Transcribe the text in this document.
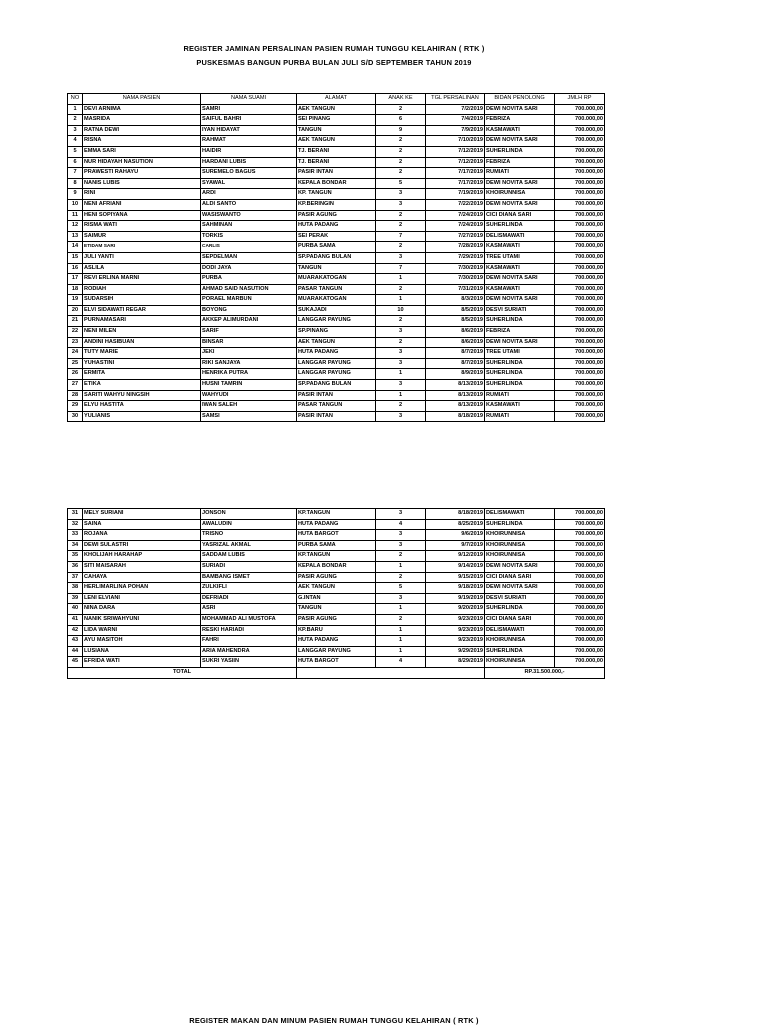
REGISTER JAMINAN PERSALINAN PASIEN RUMAH TUNGGU KELAHIRAN ( RTK )
PUSKESMAS BANGUN PURBA BULAN JULI S/D SEPTEMBER TAHUN 2019
NO	NAMA PASIEN	NAMA SUAMI	ALAMAT	ANAK KE	TGL PERSALINAN	BIDAN PENOLONG	JMLH RP
1	DEVI ARNIMA	SAMRI	AEK TANGUN	2	7/2/2019	DEWI NOVITA SARI	700.000,00
2	MASRIDA	SAIFUL BAHRI	SEI PINANG	6	7/4/2019	FEBRIZA	700.000,00
3	RATNA DEWI	IYAN HIDAYAT	TANGUN	9	7/9/2019	KASMAWATI	700.000,00
4	RISNA	RAHMAT	AEK TANGUN	2	7/10/2019	DEWI NOVITA SARI	700.000,00
5	EMMA SARI	HAIDIR	TJ. BERANI	2	7/12/2019	SUHERLINDA	700.000,00
6	NUR HIDAYAH NASUTION	HARDANI LUBIS	TJ. BERANI	2	7/12/2019	FEBRIZA	700.000,00
7	PRAWESTI RAHAYU	SUREMELO BAGUS	PASIR INTAN	2	7/17/2019	RUMIATI	700.000,00
8	NANIS LUBIS	SYAWAL	KEPALA BONDAR	5	7/17/2019	DEWI NOVITA SARI	700.000,00
9	RINI	ARDI	KP. TANGUN	3	7/19/2019	KHOIRUNNISA	700.000,00
10	NENI AFRIANI	ALDI SANTO	KP.BERINGIN	3	7/22/2019	DEWI NOVITA SARI	700.000,00
11	HENI SOPIYANA	WASISWANTO	PASIR AGUNG	2	7/24/2019	CICI DIANA SARI	700.000,00
12	RISMA WATI	SAHMINAN	HUTA PADANG	2	7/24/2019	SUHERLINDA	700.000,00
13	SAIMUR	TORKIS	SEI PERAK	7	7/27/2019	DELISMAWATI	700.000,00
14	ETIDAM SARI	CARLIS	PURBA SAMA	2	7/28/2019	KASMAWATI	700.000,00
15	JULI YANTI	SEPDELMAN	SP.PADANG BULAN	3	7/29/2019	TREE UTAMI	700.000,00
16	ASLILA	DODI JAYA	TANGUN	7	7/30/2019	KASMAWATI	700.000,00
17	REVI ERLINA MARNI	PURBA	MUARAKATOGAN	1	7/30/2019	DEWI NOVITA SARI	700.000,00
18	RODIAH	AHMAD SAID NASUTION	PASAR TANGUN	2	7/31/2019	KASMAWATI	700.000,00
19	SUDARSIH	PORAEL MARBUN	MUARAKATOGAN	1	8/3/2019	DEWI NOVITA SARI	700.000,00
20	ELVI SIDAWATI REGAR	BOYONG	SUKAJADI	10	8/5/2019	DESVI SURIATI	700.000,00
21	PURNAMASARI	AKKEP ALIMURDANI	LANGGAR PAYUNG	2	8/5/2019	SUHERLINDA	700.000,00
22	NENI MILEN	SARIF	SP.PINANG	3	8/6/2019	FEBRIZA	700.000,00
23	ANDINI HASIBUAN	BINSAR	AEK TANGUN	2	8/6/2019	DEWI NOVITA SARI	700.000,00
24	TUTY MARIE	JEKI	HUTA PADANG	3	8/7/2019	TREE UTAMI	700.000,00
25	YUHASTINI	RIKI SANJAYA	LANGGAR PAYUNG	3	8/7/2019	SUHERLINDA	700.000,00
26	ERMITA	HENRIKA PUTRA	LANGGAR PAYUNG	1	8/9/2019	SUHERLINDA	700.000,00
27	ETIKA	HUSNI TAMRIN	SP.PADANG BULAN	3	8/13/2019	SUHERLINDA	700.000,00
28	SARITI WAHYU NINGSIH	WAHYUDI	PASIR INTAN	1	8/13/2019	RUMIATI	700.000,00
29	ELYU HASTITA	IWAN SALEH	PASAR TANGUN	2	8/13/2019	KASMAWATI	700.000,00
30	YULIANIS	SAMSI	PASIR INTAN	3	8/18/2019	RUMIATI	700.000,00
31	MELY SURIANI	JONSON	KP.TANGUN	3	8/18/2019	DELISMAWATI	700.000,00
32	SAINA	AWALUDIN	HUTA PADANG	4	8/25/2019	SUHERLINDA	700.000,00
33	ROJANA	TRISNO	HUTA BARGOT	3	9/6/2019	KHOIRUNNISA	700.000,00
34	DEWI SULASTRI	YASRIZAL AKMAL	PURBA SAMA	3	9/7/2019	KHOIRUNNISA	700.000,00
35	KHOLIJAH HARAHAP	SADDAM LUBIS	KP.TANGUN	2	9/12/2019	KHOIRUNNISA	700.000,00
36	SITI MAISARAH	SURIADI	KEPALA BONDAR	1	9/14/2019	DEWI NOVITA SARI	700.000,00
37	CAHAYA	BAMBANG ISMET	PASIR AGUNG	2	9/15/2019	CICI DIANA SARI	700.000,00
38	HERLIMARLINA POHAN	ZULKIFLI	AEK TANGUN	5	9/18/2019	DEWI NOVITA SARI	700.000,00
39	LENI ELVIANI	DEFRIADI	G.INTAN	3	9/19/2019	DESVI SURIATI	700.000,00
40	NINA DARA	ASRI	TANGUN	1	9/20/2019	SUHERLINDA	700.000,00
41	NANIK SRIWAHYUNI	MOHAMMAD ALI MUSTOFA	PASIR AGUNG	2	9/23/2019	CICI DIANA SARI	700.000,00
42	LIDA WARNI	RESKI HARIADI	KP.BARU	1	9/23/2019	DELISMAWATI	700.000,00
43	AYU MASITOH	FAHRI	HUTA PADANG	1	9/23/2019	KHOIRUNNISA	700.000,00
44	LUSIANA	ARIA MAHENDRA	LANGGAR PAYUNG	1	9/29/2019	SUHERLINDA	700.000,00
45	EFRIDA WATI	SUKRI YASIIN	HUTA BARGOT	4	8/29/2019	KHOIRUNNISA	700.000,00
TOTAL						RP.31.500.000,-	
REGISTER MAKAN DAN MINUM PASIEN RUMAH TUNGGU KELAHIRAN ( RTK )
